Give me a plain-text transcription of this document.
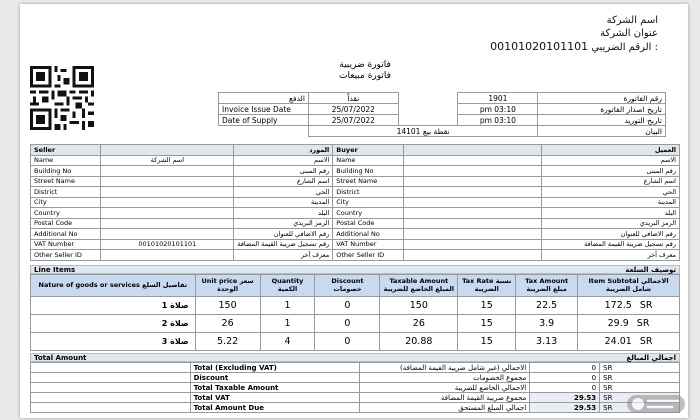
اسم الشركة
عنوان الشركة
00101020101101 الرقم الضريبي :
فاتورة ضريبية
فاتورة مبيعات
الدفع	نقداً		1901	رقم الفاتورة
Invoice Issue Date	25/07/2022		pm 03:10	تاريخ اصدار الفاتورة
Date of Supply	25/07/2022		pm 03:10	تاريخ التوريد
	نقطة بيع 14101			البيان
Seller		المورد	Buyer		العميل
Name	اسم الشركة	الاسم	Name		الاسم
Building No		رقم المبنى	Building No		رقم المبنى
Street Name		اسم الشارع	Street Name		اسم الشارع
District		الحي	District		الحي
City		المدينة	City		المدينة
Country		البلد	Country		البلد
Postal Code		الرمز البريدي	Postal Code		الرمز البريدي
Additional No		رقم الاضافي للعنوان	Additional No		رقم الاضافي للعنوان
VAT Number	00101020101101	رقم تسجيل ضريبة القيمة المضافة	VAT Number		رقم تسجيل ضريبة القيمة المضافة
Other Seller ID		معرف آخر	Other Seller ID		معرف آخر
Line Items	توصيف السلعة
Nature of goods or services تفاصيل السلع	Unit price سعر الوحدة	Quantity الكمية	Discount خصومات	Taxable Amount المبلغ الخاضع للضريبة	Tax Rate نسبة الضريبة	Tax Amount مبلغ الضريبة	Item Subtotal الاجمالي شامل الضريبة
صلاة 1	150	1	0	150	15	22.5	172.5 SR
صلاة 2	26	1	0	26	15	3.9	29.9 SR
صلاة 3	5.22	4	0	20.88	15	3.13	24.01 SR
Total Amount	اجمالي المبالغ
	Total (Excluding VAT)	الاجمالي (غير شامل ضريبة القيمة المضافة)	0	SR
	Discount	مجموع الخصومات	0	SR
	Total Taxable Amount	الاجمالي الخاضع للضريبة	0	SR
	Total VAT	مجموع ضريبة القيمة المضافة	29.53	SR
	Total Amount Due	اجمالي المبلغ المستحق	29.53	SR
